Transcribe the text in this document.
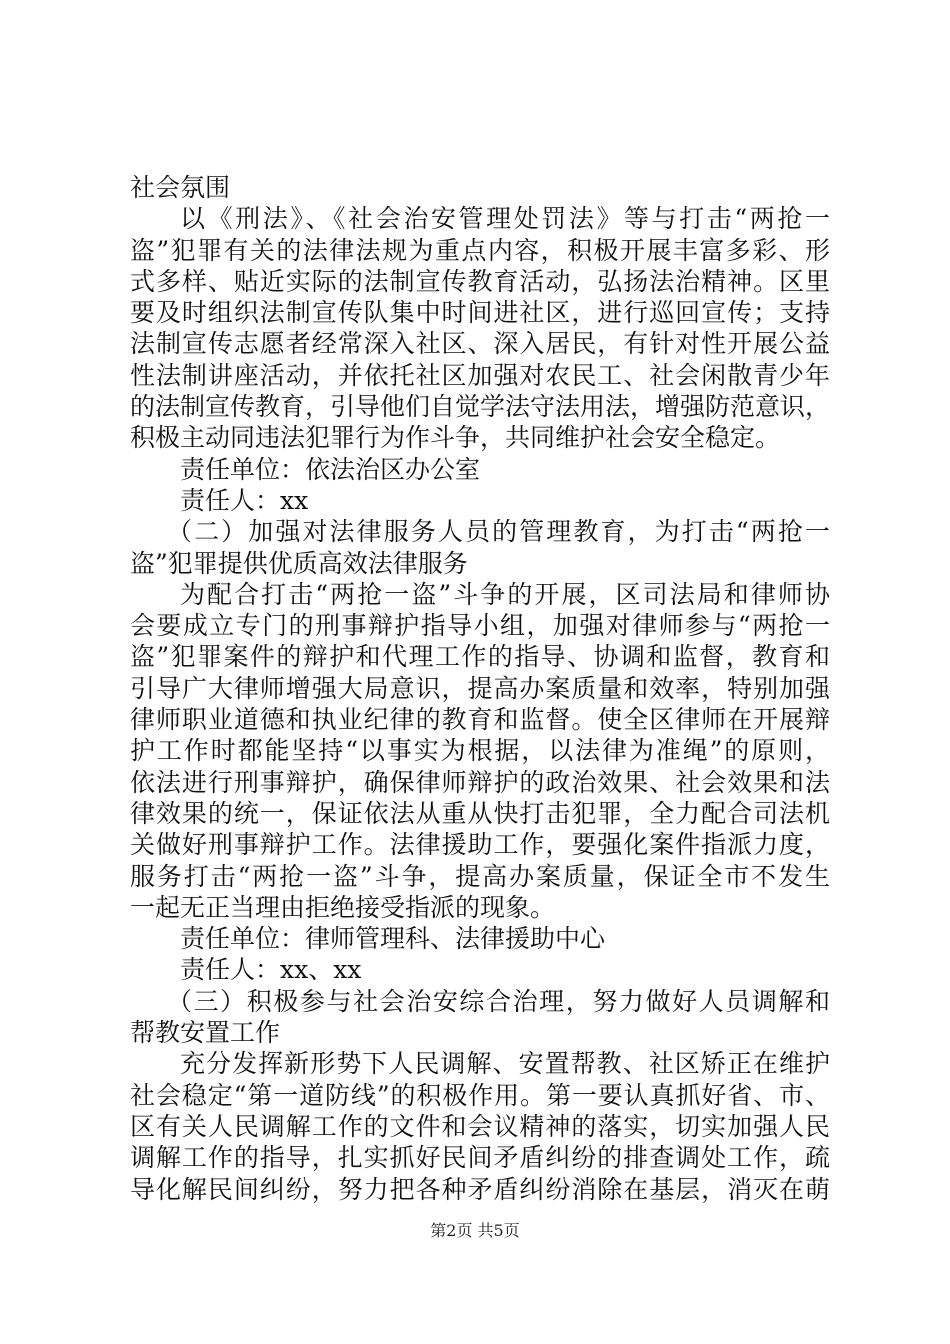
社会氛围
以《刑法》、《社会治安管理处罚法》等与打击“两抢一
盗”犯罪有关的法律法规为重点内容，积极开展丰富多彩、形
式多样、贴近实际的法制宣传教育活动，弘扬法治精神。区里
要及时组织法制宣传队集中时间进社区，进行巡回宣传；支持
法制宣传志愿者经常深入社区、深入居民，有针对性开展公益
性法制讲座活动，并依托社区加强对农民工、社会闲散青少年
的法制宣传教育，引导他们自觉学法守法用法，增强防范意识，
积极主动同违法犯罪行为作斗争，共同维护社会安全稳定。
责任单位：依法治区办公室
责任人：xx
（二）加强对法律服务人员的管理教育，为打击“两抢一
盗”犯罪提供优质高效法律服务
为配合打击“两抢一盗”斗争的开展，区司法局和律师协
会要成立专门的刑事辩护指导小组，加强对律师参与“两抢一
盗”犯罪案件的辩护和代理工作的指导、协调和监督，教育和
引导广大律师增强大局意识，提高办案质量和效率，特别加强
律师职业道德和执业纪律的教育和监督。使全区律师在开展辩
护工作时都能坚持“以事实为根据，以法律为准绳”的原则，
依法进行刑事辩护，确保律师辩护的政治效果、社会效果和法
律效果的统一，保证依法从重从快打击犯罪，全力配合司法机
关做好刑事辩护工作。法律援助工作，要强化案件指派力度，
服务打击“两抢一盗”斗争，提高办案质量，保证全市不发生
一起无正当理由拒绝接受指派的现象。
责任单位：律师管理科、法律援助中心
责任人：xx、xx
（三）积极参与社会治安综合治理，努力做好人员调解和
帮教安置工作
充分发挥新形势下人民调解、安置帮教、社区矫正在维护
社会稳定“第一道防线”的积极作用。第一要认真抓好省、市、
区有关人民调解工作的文件和会议精神的落实，切实加强人民
调解工作的指导，扎实抓好民间矛盾纠纷的排查调处工作，疏
导化解民间纠纷，努力把各种矛盾纠纷消除在基层，消灭在萌
第2页 共5页
